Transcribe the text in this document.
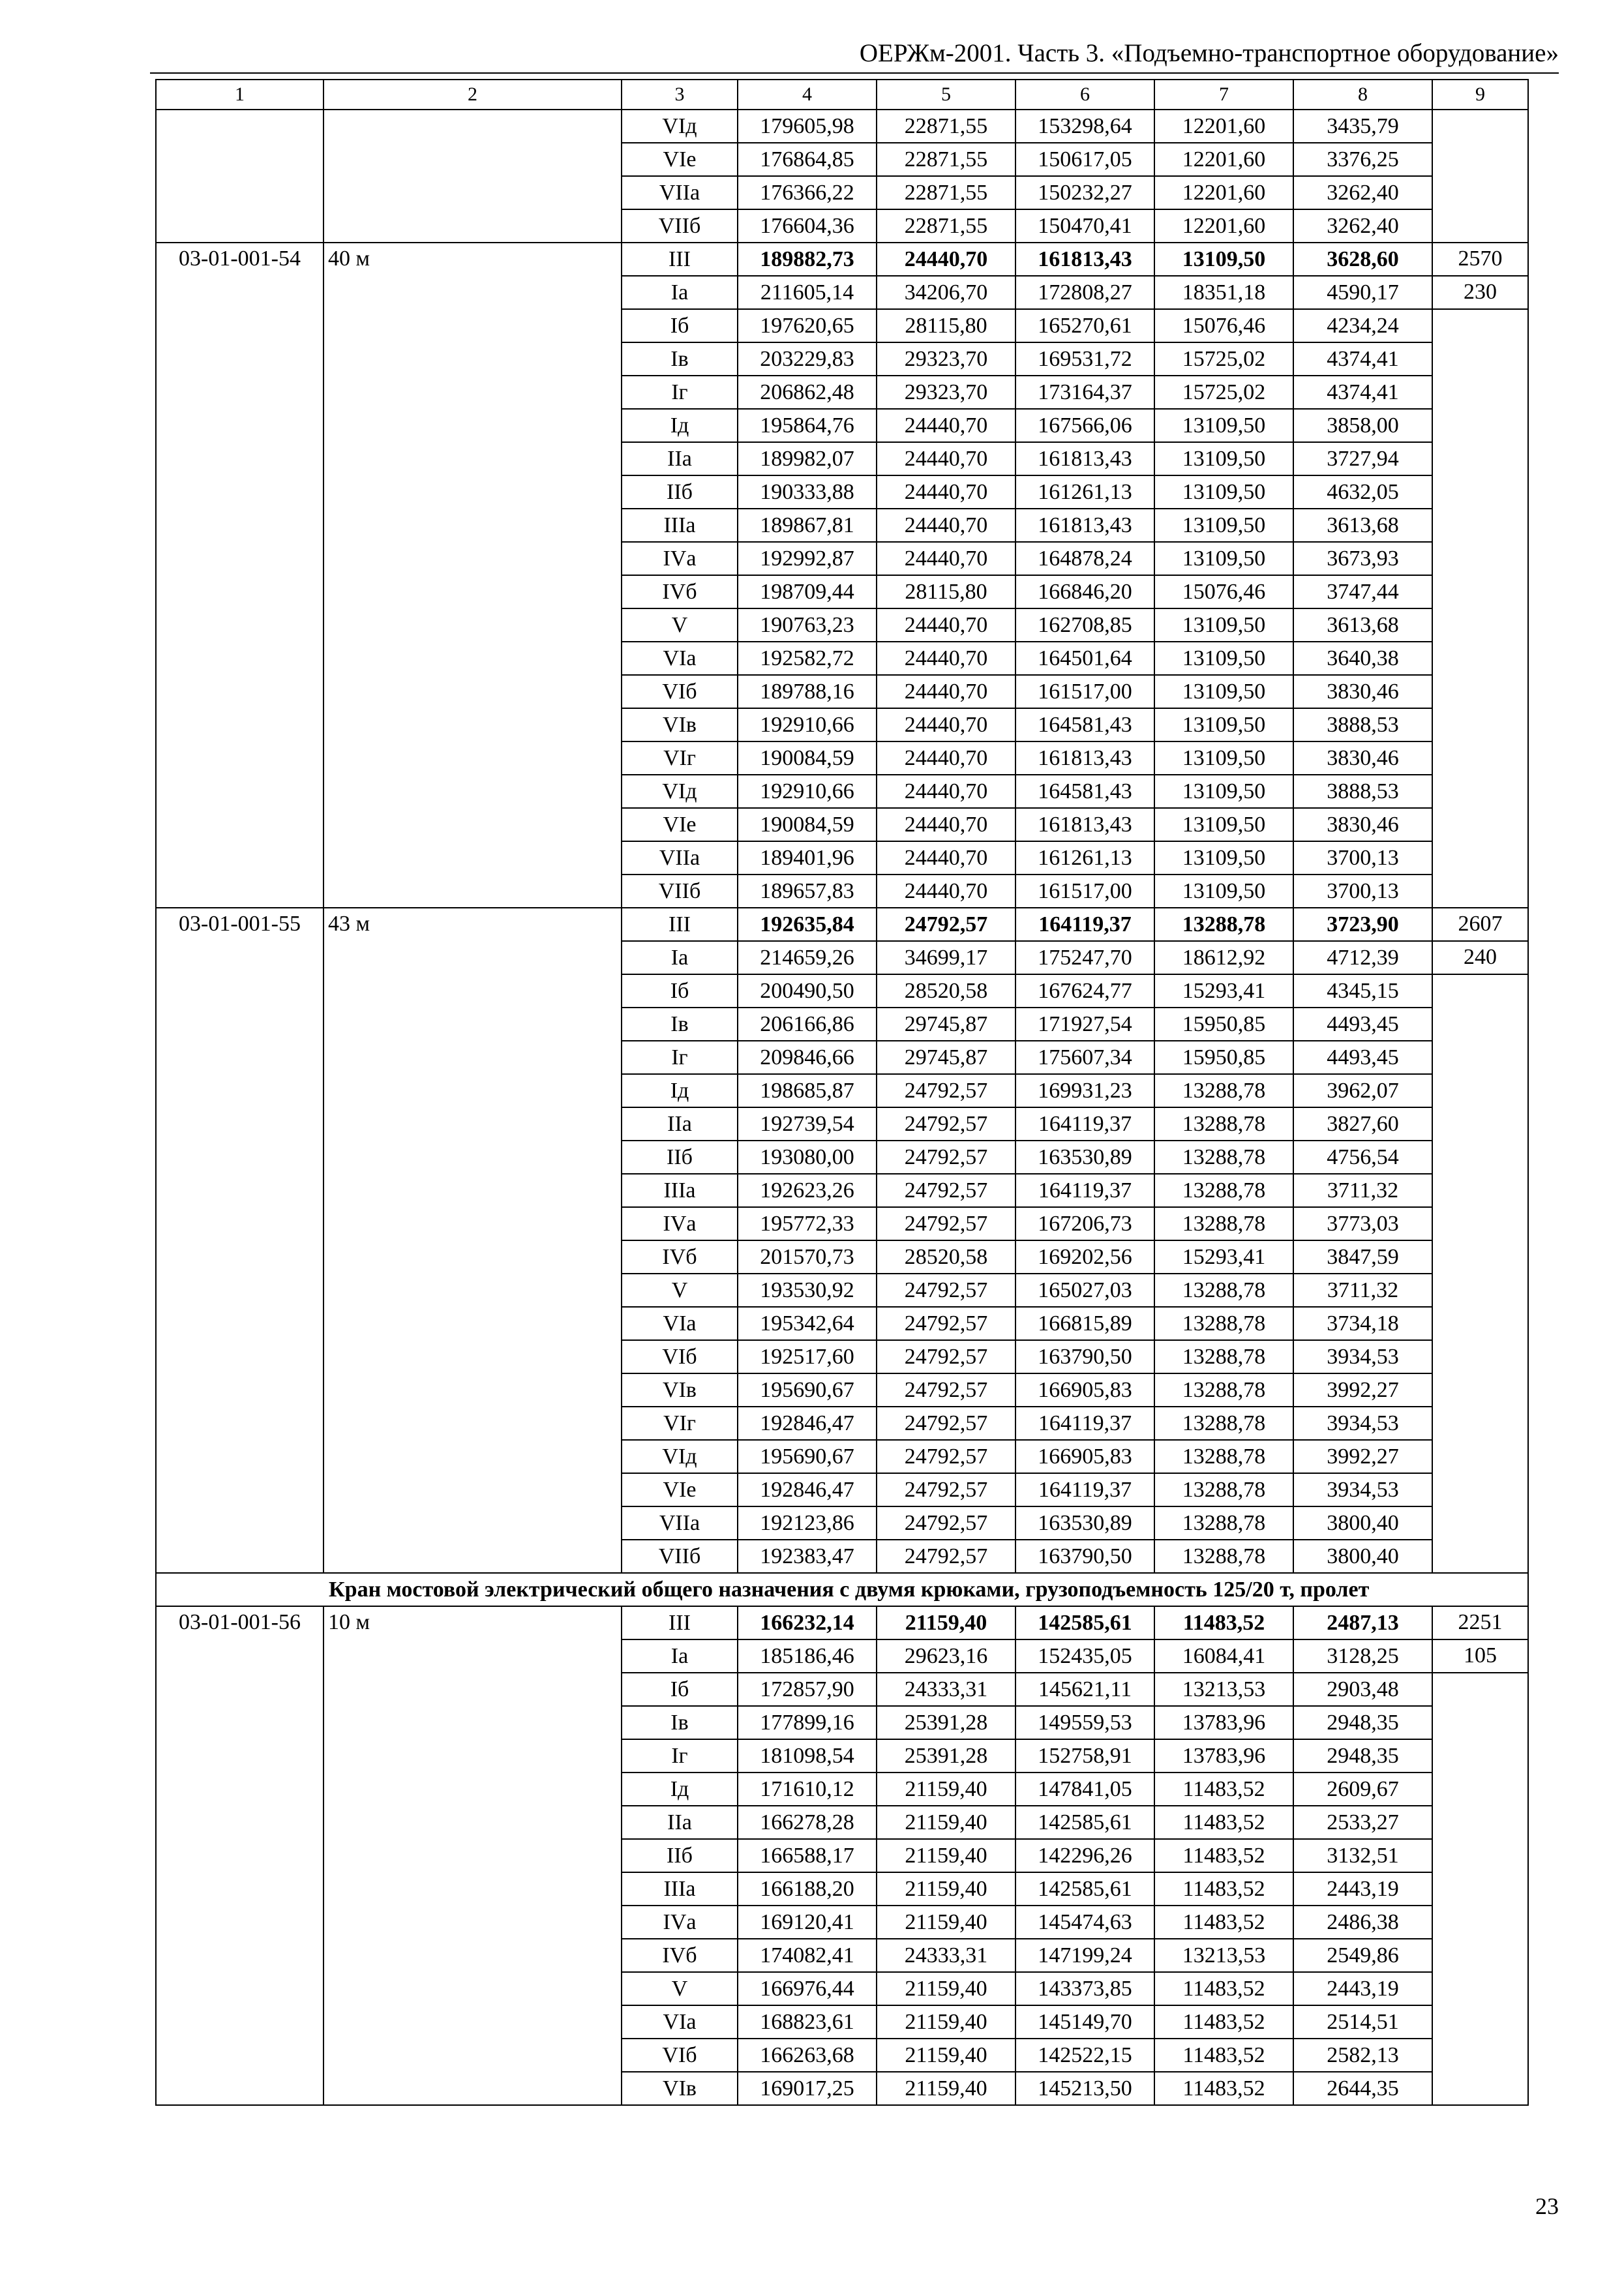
ОЕРЖм-2001. Часть 3. «Подъемно-транспортное оборудование»
1	2	3	4	5	6	7	8	9	
		VIд	179605,98	22871,55	153298,64	12201,60	3435,79		
		VIе	176864,85	22871,55	150617,05	12201,60	3376,25		
		VIIа	176366,22	22871,55	150232,27	12201,60	3262,40		
		VIIб	176604,36	22871,55	150470,41	12201,60	3262,40		
03-01-001-54	40 м	III	189882,73	24440,70	161813,43	13109,50	3628,60	2570	
		Iа	211605,14	34206,70	172808,27	18351,18	4590,17	230	
		Iб	197620,65	28115,80	165270,61	15076,46	4234,24		
		Iв	203229,83	29323,70	169531,72	15725,02	4374,41		
		Iг	206862,48	29323,70	173164,37	15725,02	4374,41		
		Iд	195864,76	24440,70	167566,06	13109,50	3858,00		
		IIа	189982,07	24440,70	161813,43	13109,50	3727,94		
		IIб	190333,88	24440,70	161261,13	13109,50	4632,05		
		IIIа	189867,81	24440,70	161813,43	13109,50	3613,68		
		IVа	192992,87	24440,70	164878,24	13109,50	3673,93		
		IVб	198709,44	28115,80	166846,20	15076,46	3747,44		
		V	190763,23	24440,70	162708,85	13109,50	3613,68		
		VIа	192582,72	24440,70	164501,64	13109,50	3640,38		
		VIб	189788,16	24440,70	161517,00	13109,50	3830,46		
		VIв	192910,66	24440,70	164581,43	13109,50	3888,53		
		VIг	190084,59	24440,70	161813,43	13109,50	3830,46		
		VIд	192910,66	24440,70	164581,43	13109,50	3888,53		
		VIе	190084,59	24440,70	161813,43	13109,50	3830,46		
		VIIа	189401,96	24440,70	161261,13	13109,50	3700,13		
		VIIб	189657,83	24440,70	161517,00	13109,50	3700,13		
03-01-001-55	43 м	III	192635,84	24792,57	164119,37	13288,78	3723,90	2607	
		Iа	214659,26	34699,17	175247,70	18612,92	4712,39	240	
		Iб	200490,50	28520,58	167624,77	15293,41	4345,15		
		Iв	206166,86	29745,87	171927,54	15950,85	4493,45		
		Iг	209846,66	29745,87	175607,34	15950,85	4493,45		
		Iд	198685,87	24792,57	169931,23	13288,78	3962,07		
		IIа	192739,54	24792,57	164119,37	13288,78	3827,60		
		IIб	193080,00	24792,57	163530,89	13288,78	4756,54		
		IIIа	192623,26	24792,57	164119,37	13288,78	3711,32		
		IVа	195772,33	24792,57	167206,73	13288,78	3773,03		
		IVб	201570,73	28520,58	169202,56	15293,41	3847,59		
		V	193530,92	24792,57	165027,03	13288,78	3711,32		
		VIа	195342,64	24792,57	166815,89	13288,78	3734,18		
		VIб	192517,60	24792,57	163790,50	13288,78	3934,53		
		VIв	195690,67	24792,57	166905,83	13288,78	3992,27		
		VIг	192846,47	24792,57	164119,37	13288,78	3934,53		
		VIд	195690,67	24792,57	166905,83	13288,78	3992,27		
		VIе	192846,47	24792,57	164119,37	13288,78	3934,53		
		VIIа	192123,86	24792,57	163530,89	13288,78	3800,40		
		VIIб	192383,47	24792,57	163790,50	13288,78	3800,40		
Кран мостовой электрический общего назначения с двумя крюками, грузоподъемность 125/20 т, пролет									
03-01-001-56	10 м	III	166232,14	21159,40	142585,61	11483,52	2487,13	2251	
		Iа	185186,46	29623,16	152435,05	16084,41	3128,25	105	
		Iб	172857,90	24333,31	145621,11	13213,53	2903,48		
		Iв	177899,16	25391,28	149559,53	13783,96	2948,35		
		Iг	181098,54	25391,28	152758,91	13783,96	2948,35		
		Iд	171610,12	21159,40	147841,05	11483,52	2609,67		
		IIа	166278,28	21159,40	142585,61	11483,52	2533,27		
		IIб	166588,17	21159,40	142296,26	11483,52	3132,51		
		IIIа	166188,20	21159,40	142585,61	11483,52	2443,19		
		IVа	169120,41	21159,40	145474,63	11483,52	2486,38		
		IVб	174082,41	24333,31	147199,24	13213,53	2549,86		
		V	166976,44	21159,40	143373,85	11483,52	2443,19		
		VIа	168823,61	21159,40	145149,70	11483,52	2514,51		
		VIб	166263,68	21159,40	142522,15	11483,52	2582,13		
		VIв	169017,25	21159,40	145213,50	11483,52	2644,35		
23
